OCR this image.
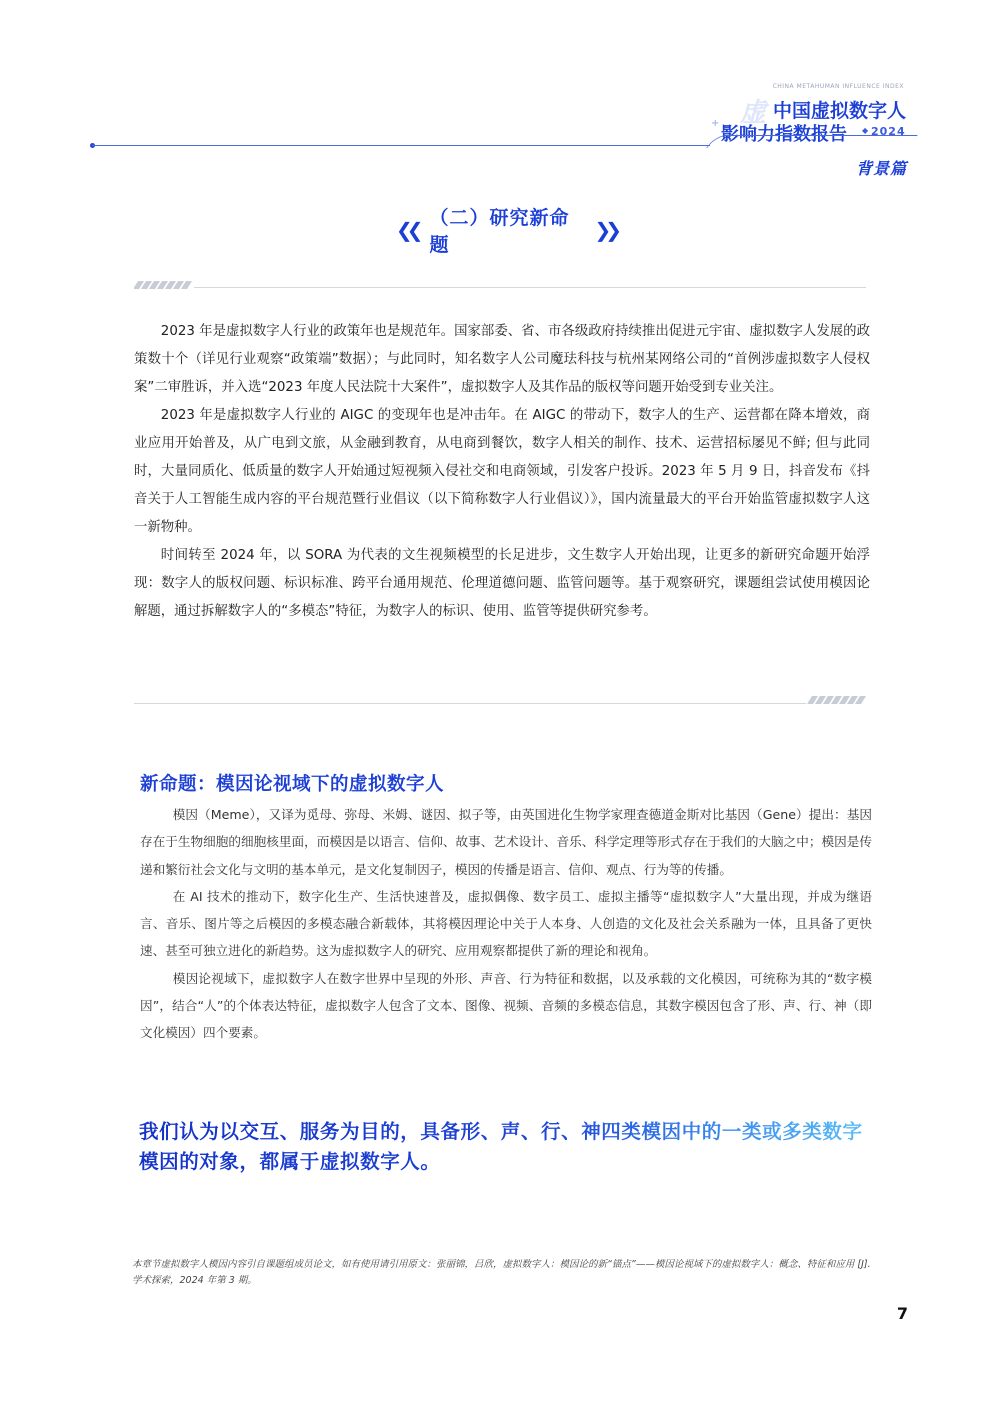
CHINA METAHUMAN INFLUENCE INDEX
虚 中国虚拟数字人
+
影响力指数报告 ◆ 2024
背景篇
❮❮ （二）研究新命题
❯❯

2023 年是虚拟数字人行业的政策年也是规范年。国家部委、省、市各级政府持续推出促进元宇宙、虚拟数字人发展的政策数十个（详见行业观察“政策端”数据）；与此同时，知名数字人公司魔珐科技与杭州某网络公司的“首例涉虚拟数字人侵权案”二审胜诉，并入选“2023 年度人民法院十大案件”，虚拟数字人及其作品的版权等问题开始受到专业关注。

2023 年是虚拟数字人行业的 AIGC 的变现年也是冲击年。在 AIGC 的带动下，数字人的生产、运营都在降本增效，商业应用开始普及，从广电到文旅，从金融到教育，从电商到餐饮，数字人相关的制作、技术、运营招标屡见不鲜; 但与此同时，大量同质化、低质量的数字人开始通过短视频入侵社交和电商领域，引发客户投诉。2023 年 5 月 9 日，抖音发布《抖音关于人工智能生成内容的平台规范暨行业倡议（以下简称数字人行业倡议）》，国内流量最大的平台开始监管虚拟数字人这一新物种。

时间转至 2024 年，以 SORA 为代表的文生视频模型的长足进步，文生数字人开始出现，让更多的新研究命题开始浮现：数字人的版权问题、标识标准、跨平台通用规范、伦理道德问题、监管问题等。基于观察研究，课题组尝试使用模因论解题，通过拆解数字人的“多模态”特征，为数字人的标识、使用、监管等提供研究参考。

新命题：模因论视域下的虚拟数字人

模因（Meme），又译为觅母、弥母、米姆、谜因、拟子等，由英国进化生物学家理查德道金斯对比基因（Gene）提出：基因存在于生物细胞的细胞核里面，而模因是以语言、信仰、故事、艺术设计、音乐、科学定理等形式存在于我们的大脑之中；模因是传递和繁衍社会文化与文明的基本单元，是文化复制因子，模因的传播是语言、信仰、观点、行为等的传播。

在 AI 技术的推动下，数字化生产、生活快速普及，虚拟偶像、数字员工、虚拟主播等“虚拟数字人”大量出现，并成为继语言、音乐、图片等之后模因的多模态融合新载体，其将模因理论中关于人本身、人创造的文化及社会关系融为一体，且具备了更快速、甚至可独立进化的新趋势。这为虚拟数字人的研究、应用观察都提供了新的理论和视角。

模因论视域下，虚拟数字人在数字世界中呈现的外形、声音、行为特征和数据，以及承载的文化模因，可统称为其的“数字模因”，结合“人”的个体表达特征，虚拟数字人包含了文本、图像、视频、音频的多模态信息，其数字模因包含了形、声、行、神（即文化模因）四个要素。

我们认为以交互、服务为目的，具备形、声、行、神四类模因中的一类或多类数字模因的对象，都属于虚拟数字人。
本章节虚拟数字人模因内容引自课题组成员论文，如有使用请引用原文：张丽锦，吕欣，虚拟数字人：模因论的新“锚点”——模因论视域下的虚拟数字人：概念、特征和应用 [J]. 学术探索，2024 年第 3 期。
7
